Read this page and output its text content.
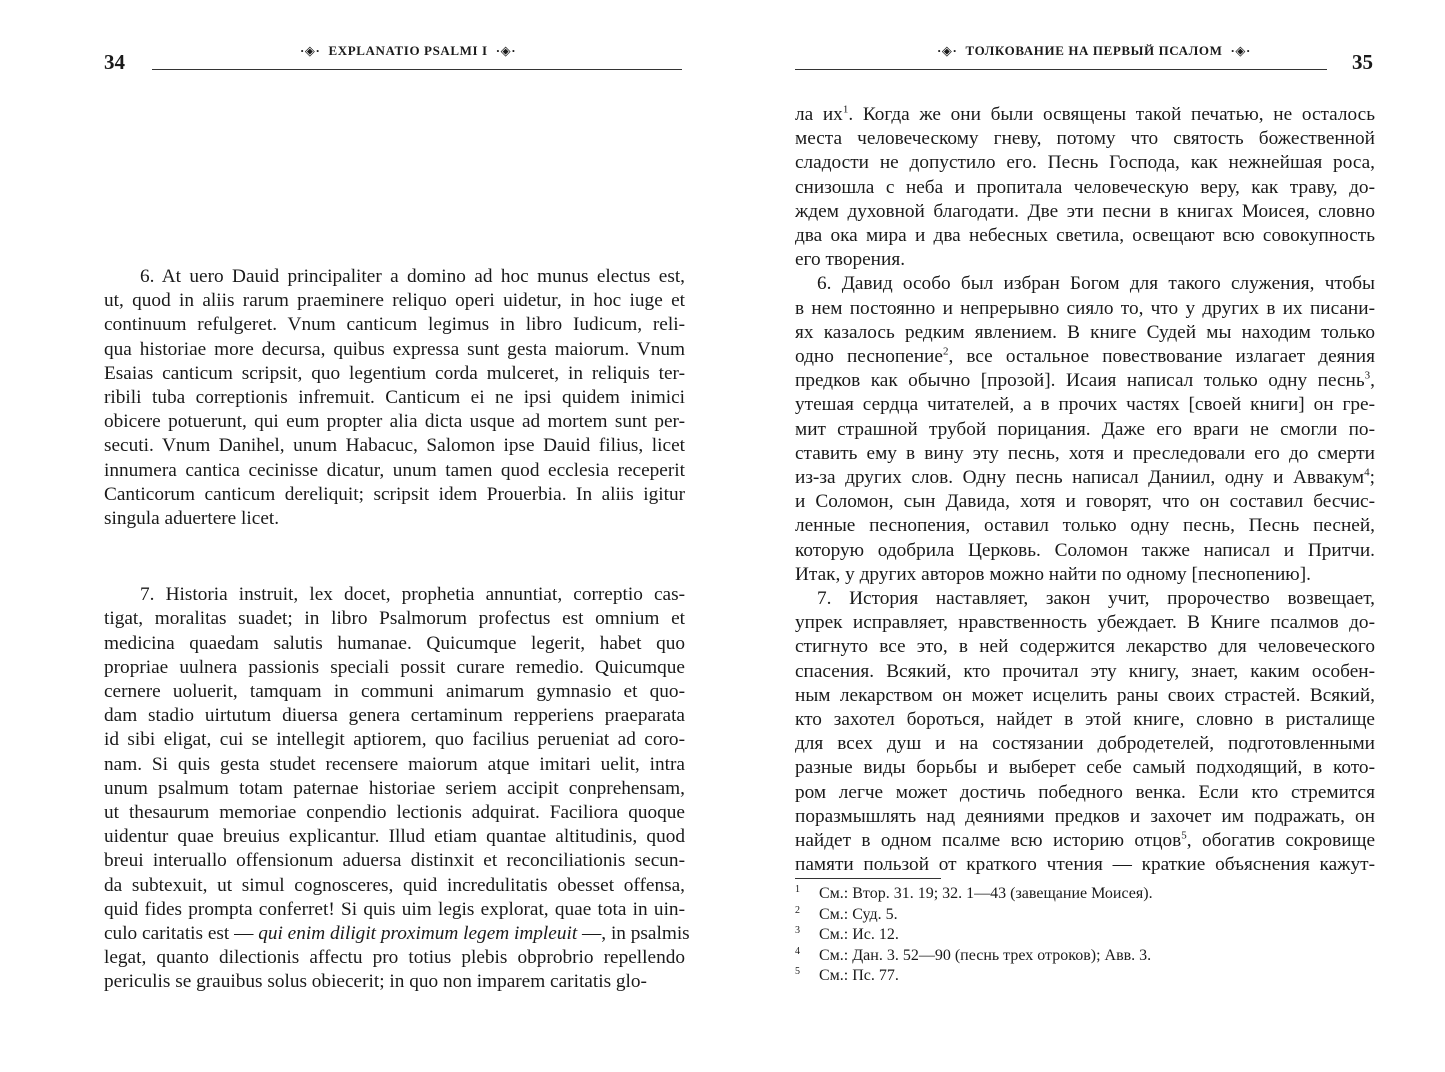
34	·◈· EXPLANATIO PSALMI I ·◈·
6. At uero Dauid principaliter a domino ad hoc munus electus est,
ut, quod in aliis rarum praeminere reliquo operi uidetur, in hoc iuge et
continuum refulgeret. Vnum canticum legimus in libro Iudicum, reli-
qua historiae more decursa, quibus expressa sunt gesta maiorum. Vnum
Esaias canticum scripsit, quo legentium corda mulceret, in reliquis ter-
ribili tuba correptionis infremuit. Canticum ei ne ipsi quidem inimici
obicere potuerunt, qui eum propter alia dicta usque ad mortem sunt per-
secuti. Vnum Danihel, unum Habacuc, Salomon ipse Dauid filius, licet
innumera cantica cecinisse dicatur, unum tamen quod ecclesia receperit
Canticorum canticum dereliquit; scripsit idem Prouerbia. In aliis igitur
singula aduertere licet.
7. Historia instruit, lex docet, prophetia annuntiat, correptio cas-
tigat, moralitas suadet; in libro Psalmorum profectus est omnium et
medicina quaedam salutis humanae. Quicumque legerit, habet quo
propriae uulnera passionis speciali possit curare remedio. Quicumque
cernere uoluerit, tamquam in communi animarum gymnasio et quo-
dam stadio uirtutum diuersa genera certaminum repperiens praeparata
id sibi eligat, cui se intellegit aptiorem, quo facilius perueniat ad coro-
nam. Si quis gesta studet recensere maiorum atque imitari uelit, intra
unum psalmum totam paternae historiae seriem accipit conprehensam,
ut thesaurum memoriae conpendio lectionis adquirat. Faciliora quoque
uidentur quae breuius explicantur. Illud etiam quantae altitudinis, quod
breui interuallo offensionum aduersa distinxit et reconciliationis secun-
da subtexuit, ut simul cognosceres, quid incredulitatis obesset offensa,
quid fides prompta conferret! Si quis uim legis explorat, quae tota in uin-
culo caritatis est — qui enim diligit proximum legem impleuit —, in psalmis
legat, quanto dilectionis affectu pro totius plebis obprobrio repellendo
periculis se grauibus solus obiecerit; in quo non imparem caritatis glo-
·◈· ТОЛКОВАНИЕ НА ПЕРВЫЙ ПСАЛОМ ·◈·	35
ла $их^1$. Когда же они были освящены такой печатью, не осталось
места человеческому гневу, потому что святость божественной
сладости не допустило его. Песнь Господа, как нежнейшая роса,
снизошла с неба и пропитала человеческую веру, как траву, до-
ждем духовной благодати. Две эти песни в книгах Моисея, словно
два ока мира и два небесных светила, освещают всю совокупность
его творения.
6. Давид особо был избран Богом для такого служения, чтобы
в нем постоянно и непрерывно сияло то, что у других в их писани-
ях казалось редким явлением. В книге Судей мы находим только
одно песнопение$^2$, все остальное повествование излагает деяния
предков как обычно [прозой]. Исаия написал только одну песнь$^3$,
утешая сердца читателей, а в прочих частях [своей книги] он гре-
мит страшной трубой порицания. Даже его враги не смогли по-
ставить ему в вину эту песнь, хотя и преследовали его до смерти
из-за других слов. Одну песнь написал Даниил, одну и Аввакум$^4$;
и Соломон, сын Давида, хотя и говорят, что он составил бесчис-
ленные песнопения, оставил только одну песнь, Песнь песней,
которую одобрила Церковь. Соломон также написал и Притчи.
Итак, у других авторов можно найти по одному [песнопению].
7. История наставляет, закон учит, пророчество возвещает,
упрек исправляет, нравственность убеждает. В Книге псалмов до-
стигнуто все это, в ней содержится лекарство для человеческого
спасения. Всякий, кто прочитал эту книгу, знает, каким особен-
ным лекарством он может исцелить раны своих страстей. Всякий,
кто захотел бороться, найдет в этой книге, словно в ристалище
для всех душ и на состязании добродетелей, подготовленными
разные виды борьбы и выберет себе самый подходящий, в кото-
ром легче может достичь победного венка. Если кто стремится
поразмышлять над деяниями предков и захочет им подражать, он
найдет в одном псалме всю историю отцов$^5$, обогатив сокровище
памяти пользой от краткого чтения — краткие объяснения кажут-
1	См.: Втор. 31. 19; 32. 1—43 (завещание Моисея).
2	См.: Суд. 5.
3	См.: Ис. 12.
4	См.: Дан. 3. 52—90 (песнь трех отроков); Авв. 3.
5	См.: Пс. 77.
